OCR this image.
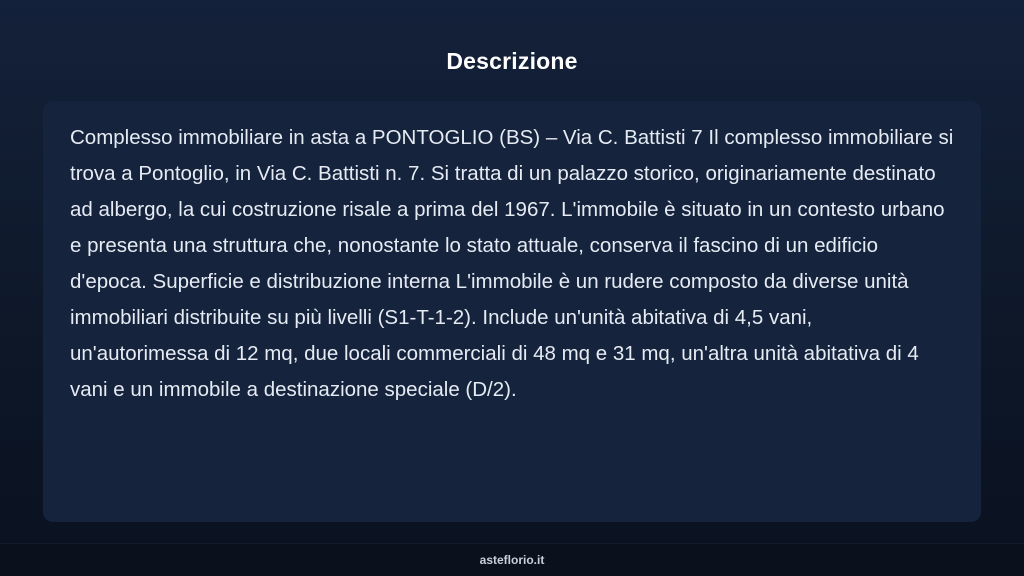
Descrizione

Complesso immobiliare in asta a PONTOGLIO (BS) – Via C. Battisti 7 Il complesso immobiliare si trova a Pontoglio, in Via C. Battisti n. 7. Si tratta di un palazzo storico, originariamente destinato ad albergo, la cui costruzione risale a prima del 1967. L'immobile è situato in un contesto urbano e presenta una struttura che, nonostante lo stato attuale, conserva il fascino di un edificio d'epoca. Superficie e distribuzione interna L'immobile è un rudere composto da diverse unità immobiliari distribuite su più livelli (S1-T-1-2). Include un'unità abitativa di 4,5 vani, un'autorimessa di 12 mq, due locali commerciali di 48 mq e 31 mq, un'altra unità abitativa di 4 vani e un immobile a destinazione speciale (D/2).

asteflorio.it
